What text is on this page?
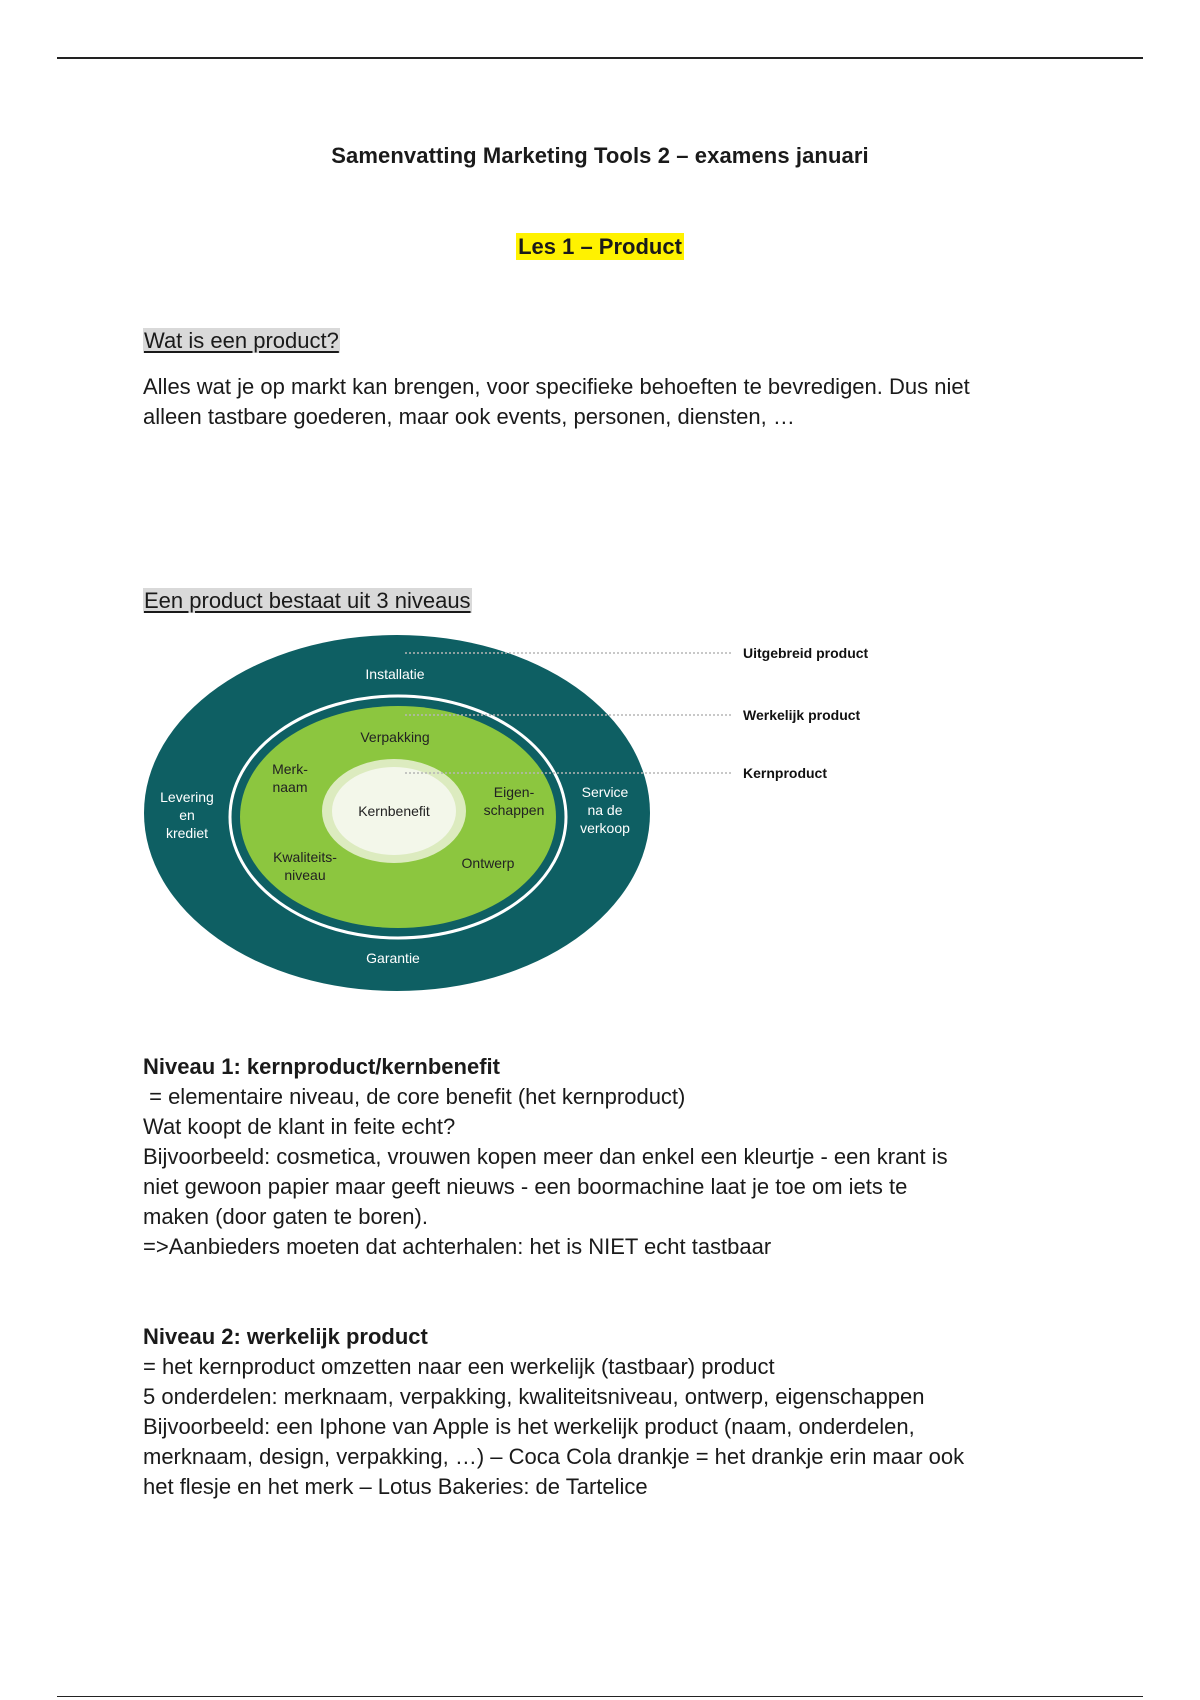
Samenvatting Marketing Tools 2 – examens januari
Les 1 – Product
Wat is een product?

Alles wat je op markt kan brengen, voor specifieke behoeften te bevredigen. Dus niet
alleen tastbare goederen, maar ook events, personen, diensten, …

Een product bestaat uit 3 niveaus
Uitgebreid product
Werkelijk product
Kernproduct
Installatie
Levering
en
krediet
Service
na de
verkoop
Garantie
Verpakking
Merk-
naam	Eigen-
schappen
Kwaliteits-
niveau
Ontwerp
Kernbenefit
Niveau 1: kernproduct/kernbenefit
= elementaire niveau, de core benefit (het kernproduct)
Wat koopt de klant in feite echt?
Bijvoorbeeld: cosmetica, vrouwen kopen meer dan enkel een kleurtje - een krant is
niet gewoon papier maar geeft nieuws - een boormachine laat je toe om iets te
maken (door gaten te boren).
=>Aanbieders moeten dat achterhalen: het is NIET echt tastbaar
Niveau 2: werkelijk product
= het kernproduct omzetten naar een werkelijk (tastbaar) product
5 onderdelen: merknaam, verpakking, kwaliteitsniveau, ontwerp, eigenschappen
Bijvoorbeeld: een Iphone van Apple is het werkelijk product (naam, onderdelen,
merknaam, design, verpakking, …) – Coca Cola drankje = het drankje erin maar ook
het flesje en het merk – Lotus Bakeries: de Tartelice
